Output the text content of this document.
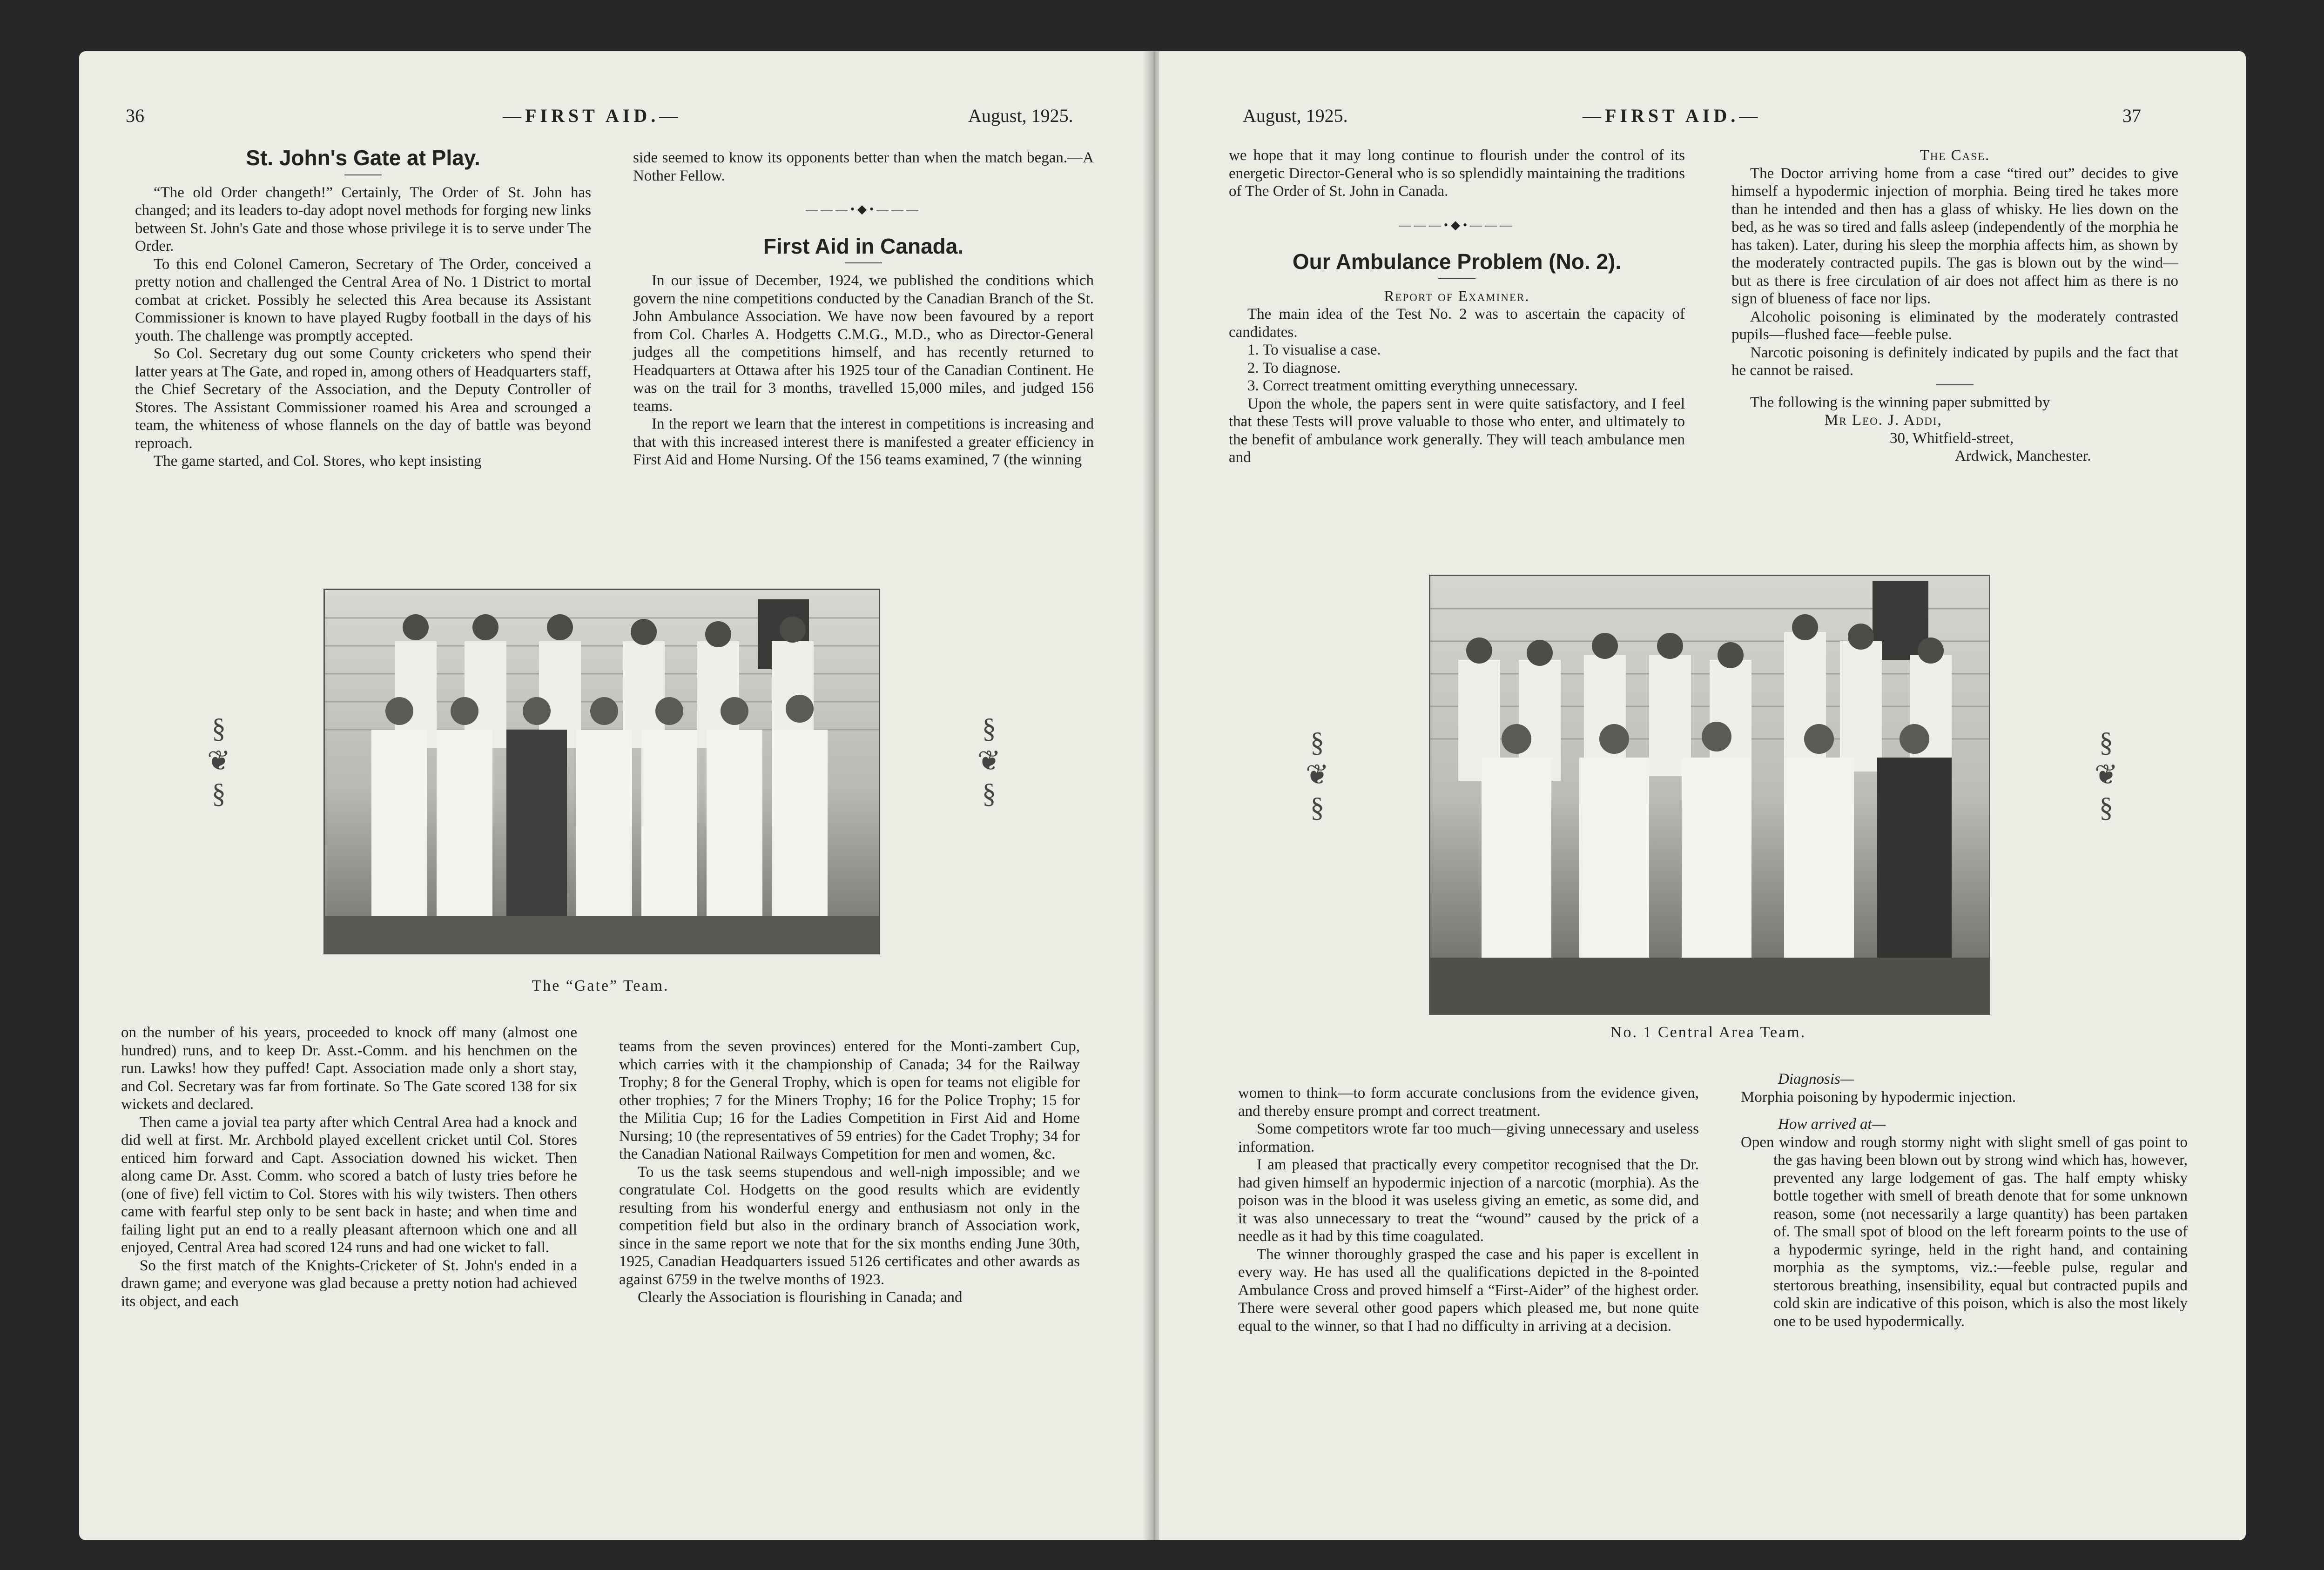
36	—FIRST AID.—	August, 1925.
St. John's Gate at Play.

“The old Order changeth!” Certainly, The Order of St. John has changed; and its leaders to-day adopt novel methods for forging new links between St. John's Gate and those whose privilege it is to serve under The Order.

To this end Colonel Cameron, Secretary of The Order, conceived a pretty notion and challenged the Central Area of No. 1 District to mortal combat at cricket. Possibly he selected this Area because its Assistant Commissioner is known to have played Rugby football in the days of his youth. The challenge was promptly accepted.

So Col. Secretary dug out some County cricketers who spend their latter years at The Gate, and roped in, among others of Headquarters staff, the Chief Secretary of the Association, and the Deputy Controller of Stores. The Assistant Commissioner roamed his Area and scrounged a team, the whiteness of whose flannels on the day of battle was beyond reproach.

The game started, and Col. Stores, who kept insisting

side seemed to know its opponents better than when the match began.—A Nother Fellow.

———•◆•———
First Aid in Canada.

In our issue of December, 1924, we published the conditions which govern the nine competitions conducted by the Canadian Branch of the St. John Ambulance Association. We have now been favoured by a report from Col. Charles A. Hodgetts C.M.G., M.D., who as Director-General judges all the competitions himself, and has recently returned to Headquarters at Ottawa after his 1925 tour of the Canadian Continent. He was on the trail for 3 months, travelled 15,000 miles, and judged 156 teams.

In the report we learn that the interest in competitions is increasing and that with this increased interest there is manifested a greater efficiency in First Aid and Home Nursing. Of the 156 teams examined, 7 (the winning

§
❦
§
§
❦
§
The “Gate” Team.

on the number of his years, proceeded to knock off many (almost one hundred) runs, and to keep Dr. Asst.-Comm. and his henchmen on the run. Lawks! how they puffed! Capt. Association made only a short stay, and Col. Secretary was far from fortinate. So The Gate scored 138 for six wickets and declared.

Then came a jovial tea party after which Central Area had a knock and did well at first. Mr. Archbold played excellent cricket until Col. Stores enticed him forward and Capt. Association downed his wicket. Then along came Dr. Asst. Comm. who scored a batch of lusty tries before he (one of five) fell victim to Col. Stores with his wily twisters. Then others came with fearful step only to be sent back in haste; and when time and failing light put an end to a really pleasant afternoon which one and all enjoyed, Central Area had scored 124 runs and had one wicket to fall.

So the first match of the Knights-Cricketer of St. John's ended in a drawn game; and everyone was glad because a pretty notion had achieved its object, and each

teams from the seven provinces) entered for the Monti-zambert Cup, which carries with it the championship of Canada; 34 for the Railway Trophy; 8 for the General Trophy, which is open for teams not eligible for other trophies; 7 for the Miners Trophy; 16 for the Police Trophy; 15 for the Militia Cup; 16 for the Ladies Competition in First Aid and Home Nursing; 10 (the representatives of 59 entries) for the Cadet Trophy; 34 for the Canadian National Railways Competition for men and women, &c.

To us the task seems stupendous and well-nigh impossible; and we congratulate Col. Hodgetts on the good results which are evidently resulting from his wonderful energy and enthusiasm not only in the competition field but also in the ordinary branch of Association work, since in the same report we note that for the six months ending June 30th, 1925, Canadian Headquarters issued 5126 certificates and other awards as against 6759 in the twelve months of 1923.

Clearly the Association is flourishing in Canada; and

August, 1925.	—FIRST AID.—	37

we hope that it may long continue to flourish under the control of its energetic Director-General who is so splendidly maintaining the traditions of The Order of St. John in Canada.

———•◆•———
Our Ambulance Problem (No. 2).

Report of Examiner.

The main idea of the Test No. 2 was to ascertain the capacity of candidates.

1. To visualise a case.

2. To diagnose.

3. Correct treatment omitting everything unnecessary.

Upon the whole, the papers sent in were quite satisfactory, and I feel that these Tests will prove valuable to those who enter, and ultimately to the benefit of ambulance work generally. They will teach ambulance men and

The Case.

The Doctor arriving home from a case “tired out” decides to give himself a hypodermic injection of morphia. Being tired he takes more than he intended and then has a glass of whisky. He lies down on the bed, as he was so tired and falls asleep (independently of the morphia he has taken). Later, during his sleep the morphia affects him, as shown by the moderately contracted pupils. The gas is blown out by the wind—but as there is free circulation of air does not affect him as there is no sign of blueness of face nor lips.

Alcoholic poisoning is eliminated by the moderately contrasted pupils—flushed face—feeble pulse.

Narcotic poisoning is definitely indicated by pupils and the fact that he cannot be raised.

The following is the winning paper submitted by

Mr Leo. J. Addi,

30, Whitfield-street,

Ardwick, Manchester.

§
❦
§
§
❦
§
No. 1 Central Area Team.

women to think—to form accurate conclusions from the evidence given, and thereby ensure prompt and correct treatment.

Some competitors wrote far too much—giving unnecessary and useless information.

I am pleased that practically every competitor recognised that the Dr. had given himself an hypodermic injection of a narcotic (morphia). As the poison was in the blood it was useless giving an emetic, as some did, and it was also unnecessary to treat the “wound” caused by the prick of a needle as it had by this time coagulated.

The winner thoroughly grasped the case and his paper is excellent in every way. He has used all the qualifications depicted in the 8-pointed Ambulance Cross and proved himself a “First-Aider” of the highest order. There were several other good papers which pleased me, but none quite equal to the winner, so that I had no difficulty in arriving at a decision.

Diagnosis—

Morphia poisoning by hypodermic injection.

How arrived at—

Open window and rough stormy night with slight smell of gas point to the gas having been blown out by strong wind which has, however, prevented any large lodgement of gas. The half empty whisky bottle together with smell of breath denote that for some unknown reason, some (not necessarily a large quantity) has been partaken of. The small spot of blood on the left forearm points to the use of a hypodermic syringe, held in the right hand, and containing morphia as the symptoms, viz.:—feeble pulse, regular and stertorous breathing, insensibility, equal but contracted pupils and cold skin are indicative of this poison, which is also the most likely one to be used hypodermically.
